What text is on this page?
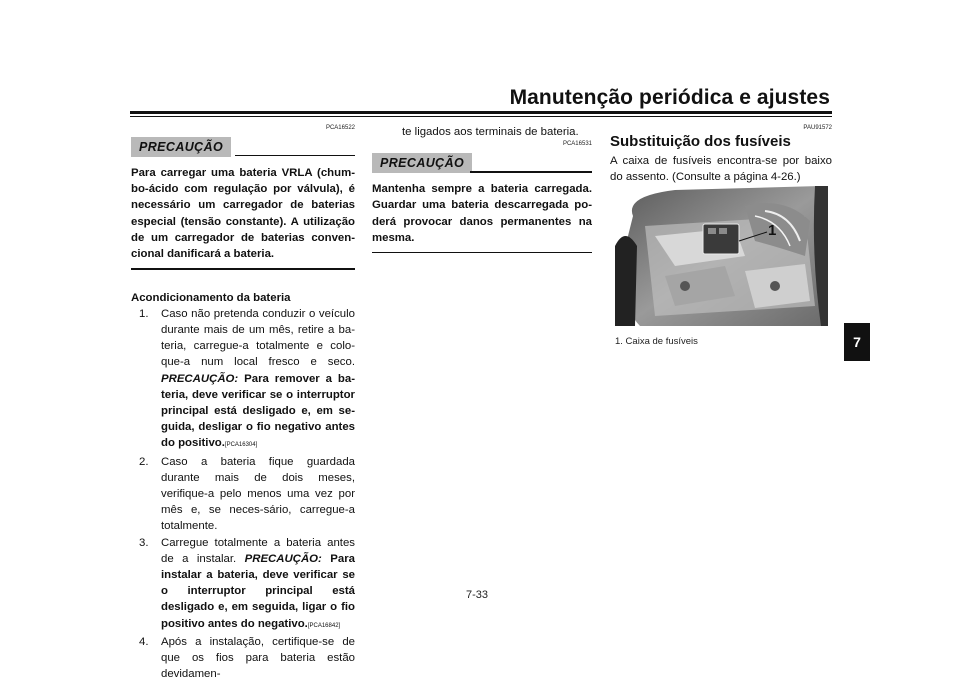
Manutenção periódica e ajustes
7
PCA16522
PRECAUÇÃO
Para carregar uma bateria VRLA (chum-bo-ácido com regulação por válvula), é necessário um carregador de baterias especial (tensão constante). A utilização de um carregador de baterias conven-cional danificará a bateria.
Acondicionamento da bateria
1. Caso não pretenda conduzir o veículo durante mais de um mês, retire a ba-teria, carregue-a totalmente e colo-que-a num local fresco e seco. PRECAUÇÃO: Para remover a ba-teria, deve verificar se o interruptor principal está desligado e, em se-guida, desligar o fio negativo antes do positivo.[PCA16304]
2. Caso a bateria fique guardada durante mais de dois meses, verifique-a pelo menos uma vez por mês e, se neces-sário, carregue-a totalmente.
3. Carregue totalmente a bateria antes de a instalar. PRECAUÇÃO: Para instalar a bateria, deve verificar se o interruptor principal está desligado e, em seguida, ligar o fio positivo antes do negativo.[PCA16842]
4. Após a instalação, certifique-se de que os fios para bateria estão devidamen-
te ligados aos terminais de bateria.
PCA16531
PRECAUÇÃO
Mantenha sempre a bateria carregada. Guardar uma bateria descarregada po-derá provocar danos permanentes na mesma.
PAU91572
Substituição dos fusíveis
A caixa de fusíveis encontra-se por baixo do assento. (Consulte a página 4-26.)
1
1. Caixa de fusíveis
7-33
